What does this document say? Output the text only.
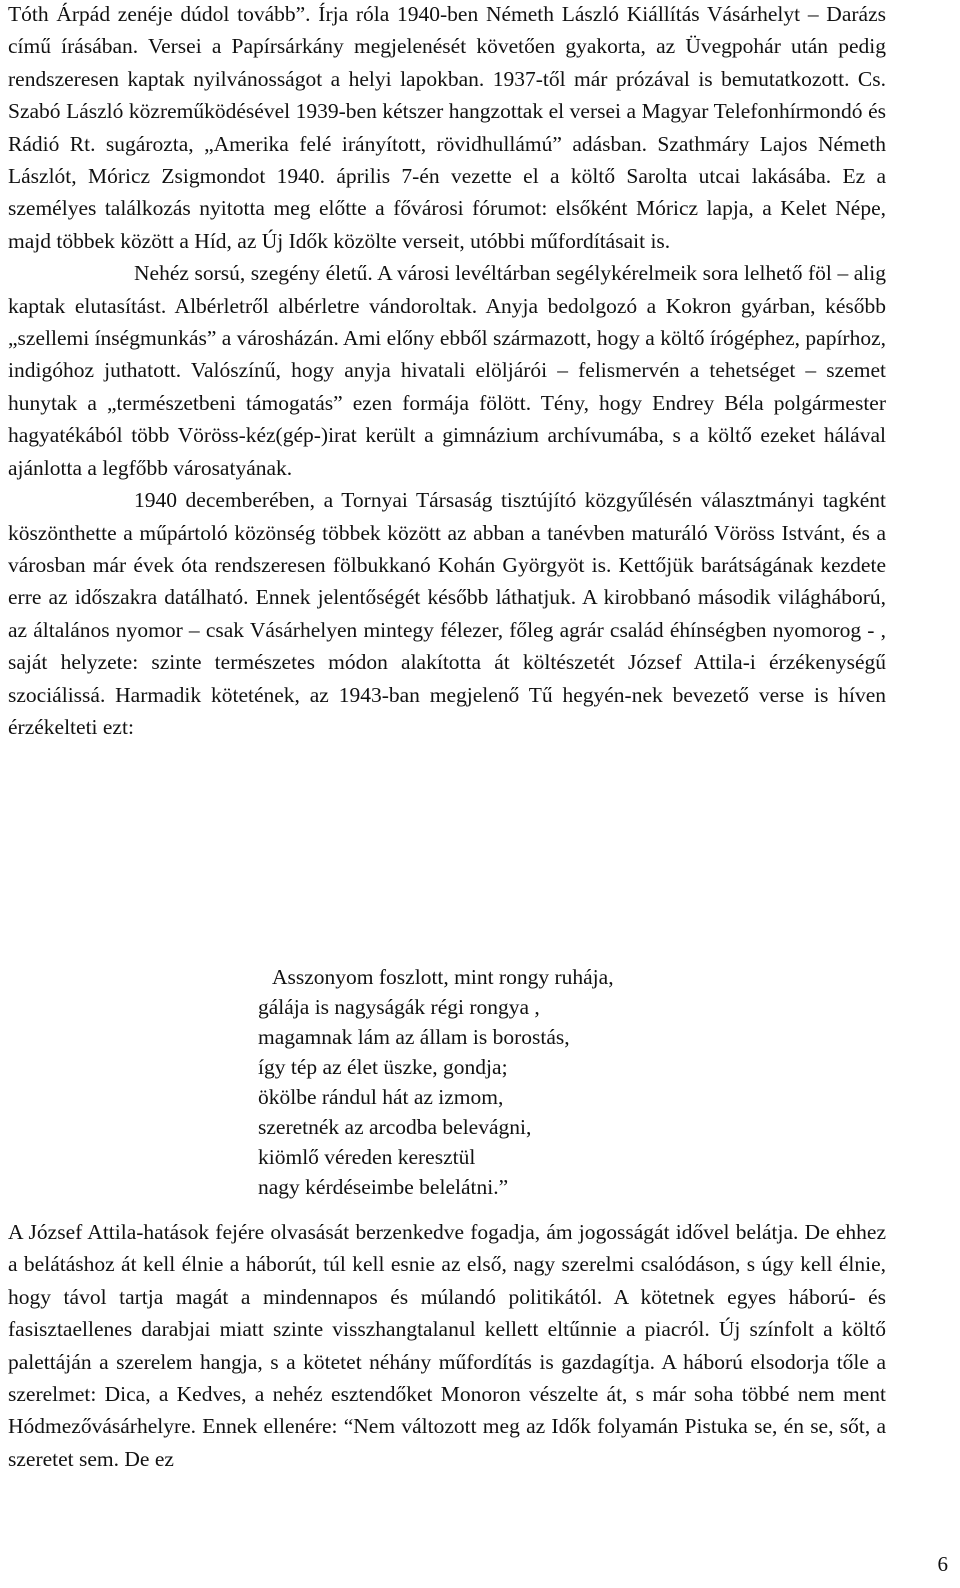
Tóth Árpád zenéje dúdol tovább”. Írja róla 1940-ben Németh László Kiállítás Vásárhelyt – Darázs című írásában. Versei a Papírsárkány megjelenését követően gyakorta, az Üvegpohár után pedig rendszeresen kaptak nyilvánosságot a helyi lapokban. 1937-től már prózával is bemutatkozott. Cs. Szabó László közreműködésével 1939-ben kétszer hangzottak el versei a Magyar Telefonhírmondó és Rádió Rt. sugározta, „Amerika felé irányított, rövidhullámú” adásban. Szathmáry Lajos Németh Lászlót, Móricz Zsigmondot 1940. április 7-én vezette el a költő Sarolta utcai lakásába. Ez a személyes találkozás nyitotta meg előtte a fővárosi fórumot: elsőként Móricz lapja, a Kelet Népe, majd többek között a Híd, az Új Idők közölte verseit, utóbbi műfordításait is.

Nehéz sorsú, szegény életű. A városi levéltárban segélykérelmeik sora lelhető föl – alig kaptak elutasítást. Albérletről albérletre vándoroltak. Anyja bedolgozó a Kokron gyárban, később „szellemi ínségmunkás” a városházán. Ami előny ebből származott, hogy a költő írógéphez, papírhoz, indigóhoz juthatott. Valószínű, hogy anyja hivatali elöljárói – felismervén a tehetséget – szemet hunytak a „természetbeni támogatás” ezen formája fölött. Tény, hogy Endrey Béla polgármester hagyatékából több Vöröss-kéz(gép-)irat került a gimnázium archívumába, s a költő ezeket hálával ajánlotta a legfőbb városatyának.

1940 decemberében, a Tornyai Társaság tisztújító közgyűlésén választmányi tagként köszönthette a műpártoló közönség többek között az abban a tanévben maturáló Vöröss Istvánt, és a városban már évek óta rendszeresen fölbukkanó Kohán Györgyöt is. Kettőjük barátságának kezdete erre az időszakra datálható. Ennek jelentőségét később láthatjuk. A kirobbanó második világháború, az általános nyomor – csak Vásárhelyen mintegy félezer, főleg agrár család éhínségben nyomorog - , saját helyzete: szinte természetes módon alakította át költészetét József Attila-i érzékenységű szociálissá. Harmadik kötetének, az 1943-ban megjelenő Tű hegyén-nek bevezető verse is híven érzékelteti ezt:

Asszonyom foszlott, mint rongy ruhája,
gálája is nagyságák régi rongya ,
magamnak lám az állam is borostás,
így tép az élet üszke, gondja;
ökölbe rándul hát az izmom,
szeretnék az arcodba belevágni,
kiömlő véreden keresztül
nagy kérdéseimbe belelátni.”

A József Attila-hatások fejére olvasását berzenkedve fogadja, ám jogosságát idővel belátja. De ehhez a belátáshoz át kell élnie a háborút, túl kell esnie az első, nagy szerelmi csalódáson, s úgy kell élnie, hogy távol tartja magát a mindennapos és múlandó politikától. A kötetnek egyes háború- és fasisztaellenes darabjai miatt szinte visszhangtalanul kellett eltűnnie a piacról. Új színfolt a költő palettáján a szerelem hangja, s a kötetet néhány műfordítás is gazdagítja. A háború elsodorja tőle a szerelmet: Dica, a Kedves, a nehéz esztendőket Monoron vészelte át, s már soha többé nem ment Hódmezővásárhelyre. Ennek ellenére: “Nem változott meg az Idők folyamán Pistuka se, én se, sőt, a szeretet sem. De ez

6
